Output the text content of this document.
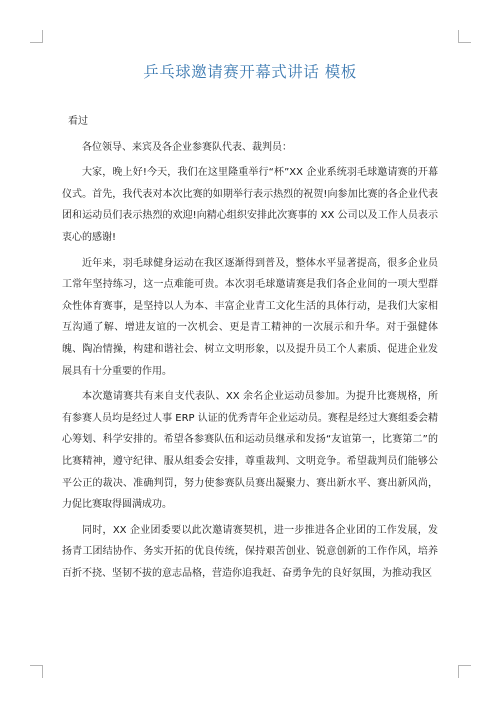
乒乓球邀请赛开幕式讲话 模板

看过

各位领导、来宾及各企业参赛队代表、裁判员：

大家，晚上好!今天，我们在这里隆重举行“杯”XX 企业系统羽毛球邀请赛的开幕仪式。首先，我代表对本次比赛的如期举行表示热烈的祝贺!向参加比赛的各企业代表团和运动员们表示热烈的欢迎!向精心组织安排此次赛事的 XX 公司以及工作人员表示衷心的感谢!

近年来，羽毛球健身运动在我区逐渐得到普及，整体水平显著提高，很多企业员工常年坚持练习，这一点难能可贵。本次羽毛球邀请赛是我们各企业间的一项大型群众性体育赛事，是坚持以人为本、丰富企业青工文化生活的具体行动，是我们大家相互沟通了解、增进友谊的一次机会、更是青工精神的一次展示和升华。对于强健体魄、陶冶情操，构建和谐社会、树立文明形象，以及提升员工个人素质、促进企业发展具有十分重要的作用。

本次邀请赛共有来自支代表队、XX 余名企业运动员参加。为提升比赛规格，所有参赛人员均是经过人事 ERP 认证的优秀青年企业运动员。赛程是经过大赛组委会精心筹划、科学安排的。希望各参赛队伍和运动员继承和发扬“友谊第一，比赛第二”的比赛精神，遵守纪律、服从组委会安排，尊重裁判、文明竞争。希望裁判员们能够公平公正的裁决、准确判罚，努力使参赛队员赛出凝聚力、赛出新水平、赛出新风尚，力促比赛取得圆满成功。

同时，XX 企业团委要以此次邀请赛契机，进一步推进各企业团的工作发展，发扬青工团结协作、务实开拓的优良传统，保持艰苦创业、锐意创新的工作作风，培养百折不挠、坚韧不拔的意志品格，营造你追我赶、奋勇争先的良好氛围，为推动我区
